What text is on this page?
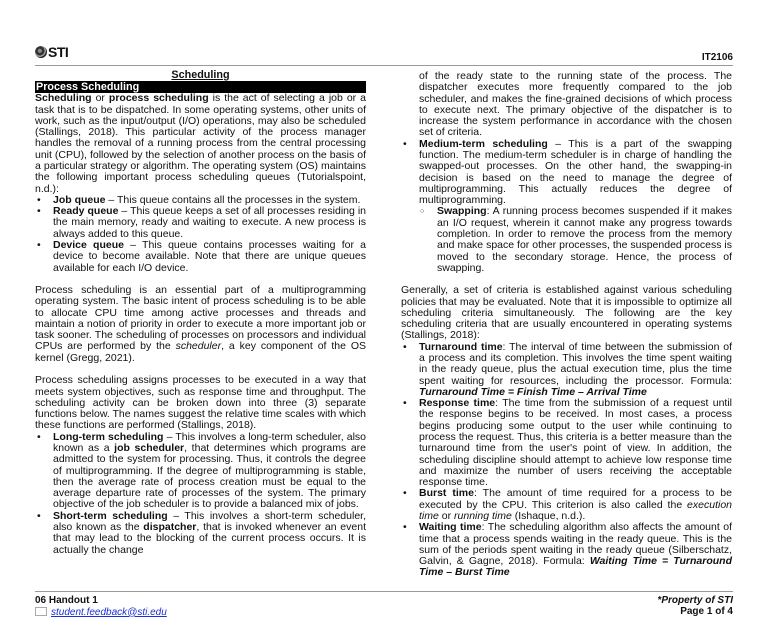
STI	IT2106
Scheduling
Process Scheduling

Scheduling or process scheduling is the act of selecting a job or a task that is to be dispatched. In some operating systems, other units of work, such as the input/output (I/O) operations, may also be scheduled (Stallings, 2018). This particular activity of the process manager handles the removal of a running process from the central processing unit (CPU), followed by the selection of another process on the basis of a particular strategy or algorithm. The operating system (OS) maintains the following important process scheduling queues (Tutorialspoint, n.d.):

• Job queue – This queue contains all the processes in the system.
• Ready queue – This queue keeps a set of all processes residing in the main memory, ready and waiting to execute. A new process is always added to this queue.
• Device queue – This queue contains processes waiting for a device to become available. Note that there are unique queues available for each I/O device.

Process scheduling is an essential part of a multiprogramming operating system. The basic intent of process scheduling is to be able to allocate CPU time among active processes and threads and maintain a notion of priority in order to execute a more important job or task sooner. The scheduling of processes on processors and individual CPUs are performed by the scheduler, a key component of the OS kernel (Gregg, 2021).

Process scheduling assigns processes to be executed in a way that meets system objectives, such as response time and throughput. The scheduling activity can be broken down into three (3) separate functions below. The names suggest the relative time scales with which these functions are performed (Stallings, 2018).

• Long-term scheduling – This involves a long-term scheduler, also known as a job scheduler, that determines which programs are admitted to the system for processing. Thus, it controls the degree of multiprogramming. If the degree of multiprogramming is stable, then the average rate of process creation must be equal to the average departure rate of processes of the system. The primary objective of the job scheduler is to provide a balanced mix of jobs.
• Short-term scheduling – This involves a short-term scheduler, also known as the dispatcher, that is invoked whenever an event that may lead to the blocking of the current process occurs. It is actually the change
of the ready state to the running state of the process. The dispatcher executes more frequently compared to the job scheduler, and makes the fine-grained decisions of which process to execute next. The primary objective of the dispatcher is to increase the system performance in accordance with the chosen set of criteria.
• Medium-term scheduling – This is a part of the swapping function. The medium-term scheduler is in charge of handling the swapped-out processes. On the other hand, the swapping-in decision is based on the need to manage the degree of multiprogramming. This actually reduces the degree of multiprogramming.
○ Swapping: A running process becomes suspended if it makes an I/O request, wherein it cannot make any progress towards completion. In order to remove the process from the memory and make space for other processes, the suspended process is moved to the secondary storage. Hence, the process of swapping.

Generally, a set of criteria is established against various scheduling policies that may be evaluated. Note that it is impossible to optimize all scheduling criteria simultaneously. The following are the key scheduling criteria that are usually encountered in operating systems (Stallings, 2018):

• Turnaround time: The interval of time between the submission of a process and its completion. This involves the time spent waiting in the ready queue, plus the actual execution time, plus the time spent waiting for resources, including the processor. Formula: Turnaround Time = Finish Time – Arrival Time
• Response time: The time from the submission of a request until the response begins to be received. In most cases, a process begins producing some output to the user while continuing to process the request. Thus, this criteria is a better measure than the turnaround time from the user's point of view. In addition, the scheduling discipline should attempt to achieve low response time and maximize the number of users receiving the acceptable response time.
• Burst time: The amount of time required for a process to be executed by the CPU. This criterion is also called the execution time or running time (Ishaque, n.d.).
• Waiting time: The scheduling algorithm also affects the amount of time that a process spends waiting in the ready queue. This is the sum of the periods spent waiting in the ready queue (Silberschatz, Galvin, & Gagne, 2018). Formula: Waiting Time = Turnaround Time – Burst Time
06 Handout 1
student.feedback@sti.edu
*Property of STI
Page 1 of 4
